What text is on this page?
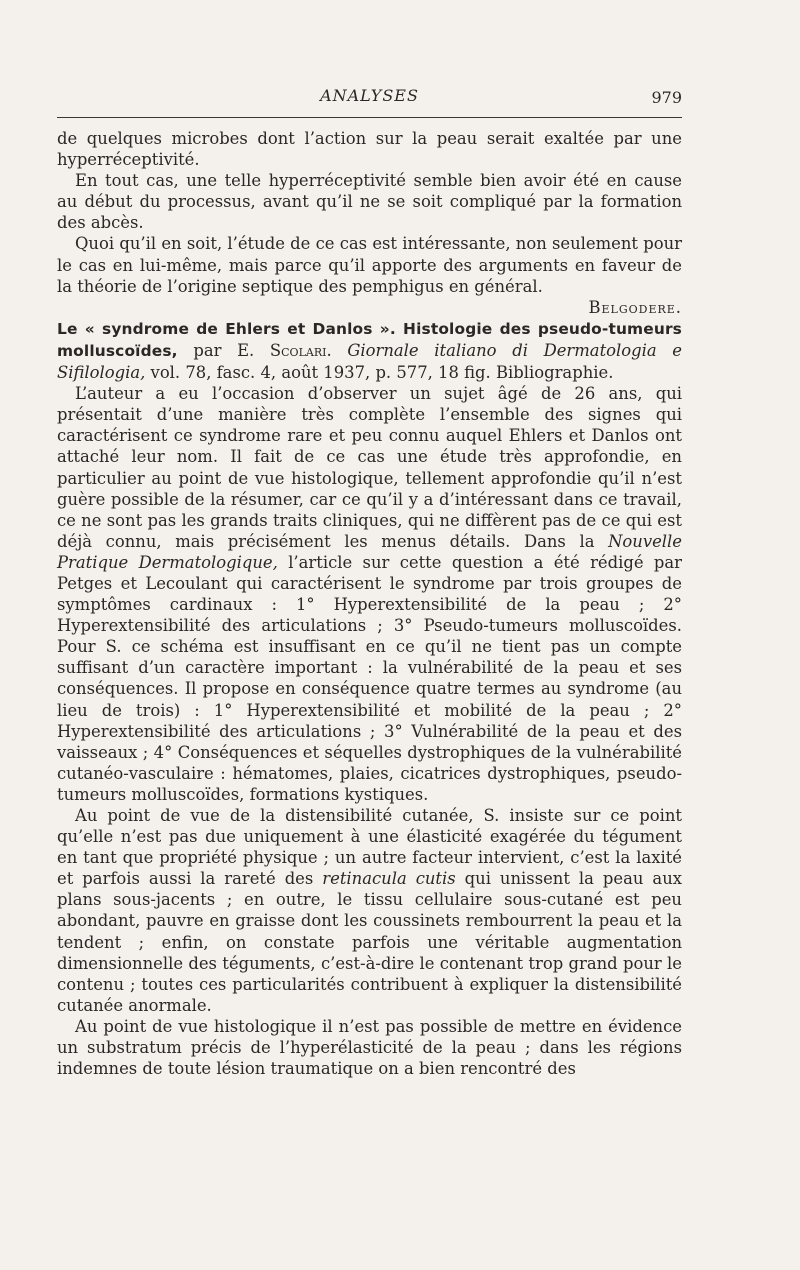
ANALYSES	979

de quelques microbes dont l’action sur la peau serait exaltée par une hyperréceptivité.

En tout cas, une telle hyperréceptivité semble bien avoir été en cause au début du processus, avant qu’il ne se soit compliqué par la formation des abcès.

Quoi qu’il en soit, l’étude de ce cas est intéressante, non seulement pour le cas en lui-même, mais parce qu’il apporte des arguments en faveur de la théorie de l’origine septique des pemphigus en général.

Belgodere.

Le « syndrome de Ehlers et Danlos ». Histologie des pseudo-tumeurs molluscoïdes, par E. Scolari. Giornale italiano di Dermatologia e Sifilologia, vol. 78, fasc. 4, août 1937, p. 577, 18 fig. Bibliographie.

L’auteur a eu l’occasion d’observer un sujet âgé de 26 ans, qui présentait d’une manière très complète l’ensemble des signes qui caractérisent ce syndrome rare et peu connu auquel Ehlers et Danlos ont attaché leur nom. Il fait de ce cas une étude très approfondie, en particulier au point de vue histologique, tellement approfondie qu’il n’est guère possible de la résumer, car ce qu’il y a d’intéressant dans ce travail, ce ne sont pas les grands traits cliniques, qui ne diffèrent pas de ce qui est déjà connu, mais précisément les menus détails. Dans la Nouvelle Pratique Dermatologique, l’article sur cette question a été rédigé par Petges et Lecoulant qui caractérisent le syndrome par trois groupes de symptômes cardinaux : 1° Hyperextensibilité de la peau ; 2° Hyperextensibilité des articulations ; 3° Pseudo-tumeurs molluscoïdes. Pour S. ce schéma est insuffisant en ce qu’il ne tient pas un compte suffisant d’un caractère important : la vulnérabilité de la peau et ses conséquences. Il propose en conséquence quatre termes au syndrome (au lieu de trois) : 1° Hyperextensibilité et mobilité de la peau ; 2° Hyperextensibilité des articulations ; 3° Vulnérabilité de la peau et des vaisseaux ; 4° Conséquences et séquelles dystrophiques de la vulnérabilité cutanéo-vasculaire : hématomes, plaies, cicatrices dystrophiques, pseudo-tumeurs molluscoïdes, formations kystiques.

Au point de vue de la distensibilité cutanée, S. insiste sur ce point qu’elle n’est pas due uniquement à une élasticité exagérée du tégument en tant que propriété physique ; un autre facteur intervient, c’est la laxité et parfois aussi la rareté des retinacula cutis qui unissent la peau aux plans sous-jacents ; en outre, le tissu cellulaire sous-cutané est peu abondant, pauvre en graisse dont les coussinets rembourrent la peau et la tendent ; enfin, on constate parfois une véritable augmentation dimensionnelle des téguments, c’est-à-dire le contenant trop grand pour le contenu ; toutes ces particularités contribuent à expliquer la distensibilité cutanée anormale.

Au point de vue histologique il n’est pas possible de mettre en évidence un substratum précis de l’hyperélasticité de la peau ; dans les régions indemnes de toute lésion traumatique on a bien rencontré des
